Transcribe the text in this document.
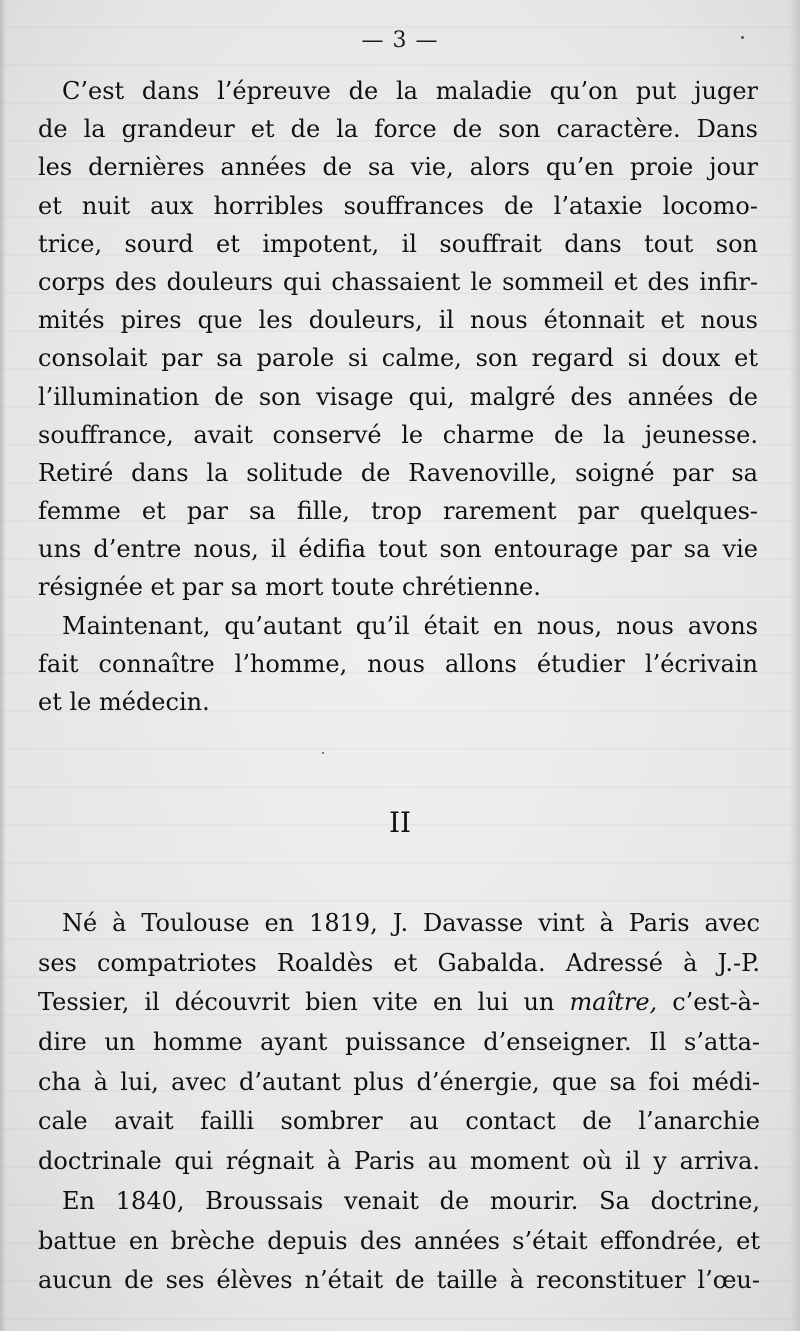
— 3 —
C’est dans l’épreuve de la maladie qu’on put juger
de la grandeur et de la force de son caractère. Dans
les dernières années de sa vie, alors qu’en proie jour
et nuit aux horribles souffrances de l’ataxie locomo-
trice, sourd et impotent, il souffrait dans tout son
corps des douleurs qui chassaient le sommeil et des infir-
mités pires que les douleurs, il nous étonnait et nous
consolait par sa parole si calme, son regard si doux et
l’illumination de son visage qui, malgré des années de
souffrance, avait conservé le charme de la jeunesse.
Retiré dans la solitude de Ravenoville, soigné par sa
femme et par sa fille, trop rarement par quelques-
uns d’entre nous, il édifia tout son entourage par sa vie
résignée et par sa mort toute chrétienne.
Maintenant, qu’autant qu’il était en nous, nous avons
fait connaître l’homme, nous allons étudier l’écrivain
et le médecin.
II
Né à Toulouse en 1819, J. Davasse vint à Paris avec
ses compatriotes Roaldès et Gabalda. Adressé à J.-P.
Tessier, il découvrit bien vite en lui un maître, c’est-à-
dire un homme ayant puissance d’enseigner. Il s’atta-
cha à lui, avec d’autant plus d’énergie, que sa foi médi-
cale avait failli sombrer au contact de l’anarchie
doctrinale qui régnait à Paris au moment où il y arriva.
En 1840, Broussais venait de mourir. Sa doctrine,
battue en brèche depuis des années s’était effondrée, et
aucun de ses élèves n’était de taille à reconstituer l’œu-
